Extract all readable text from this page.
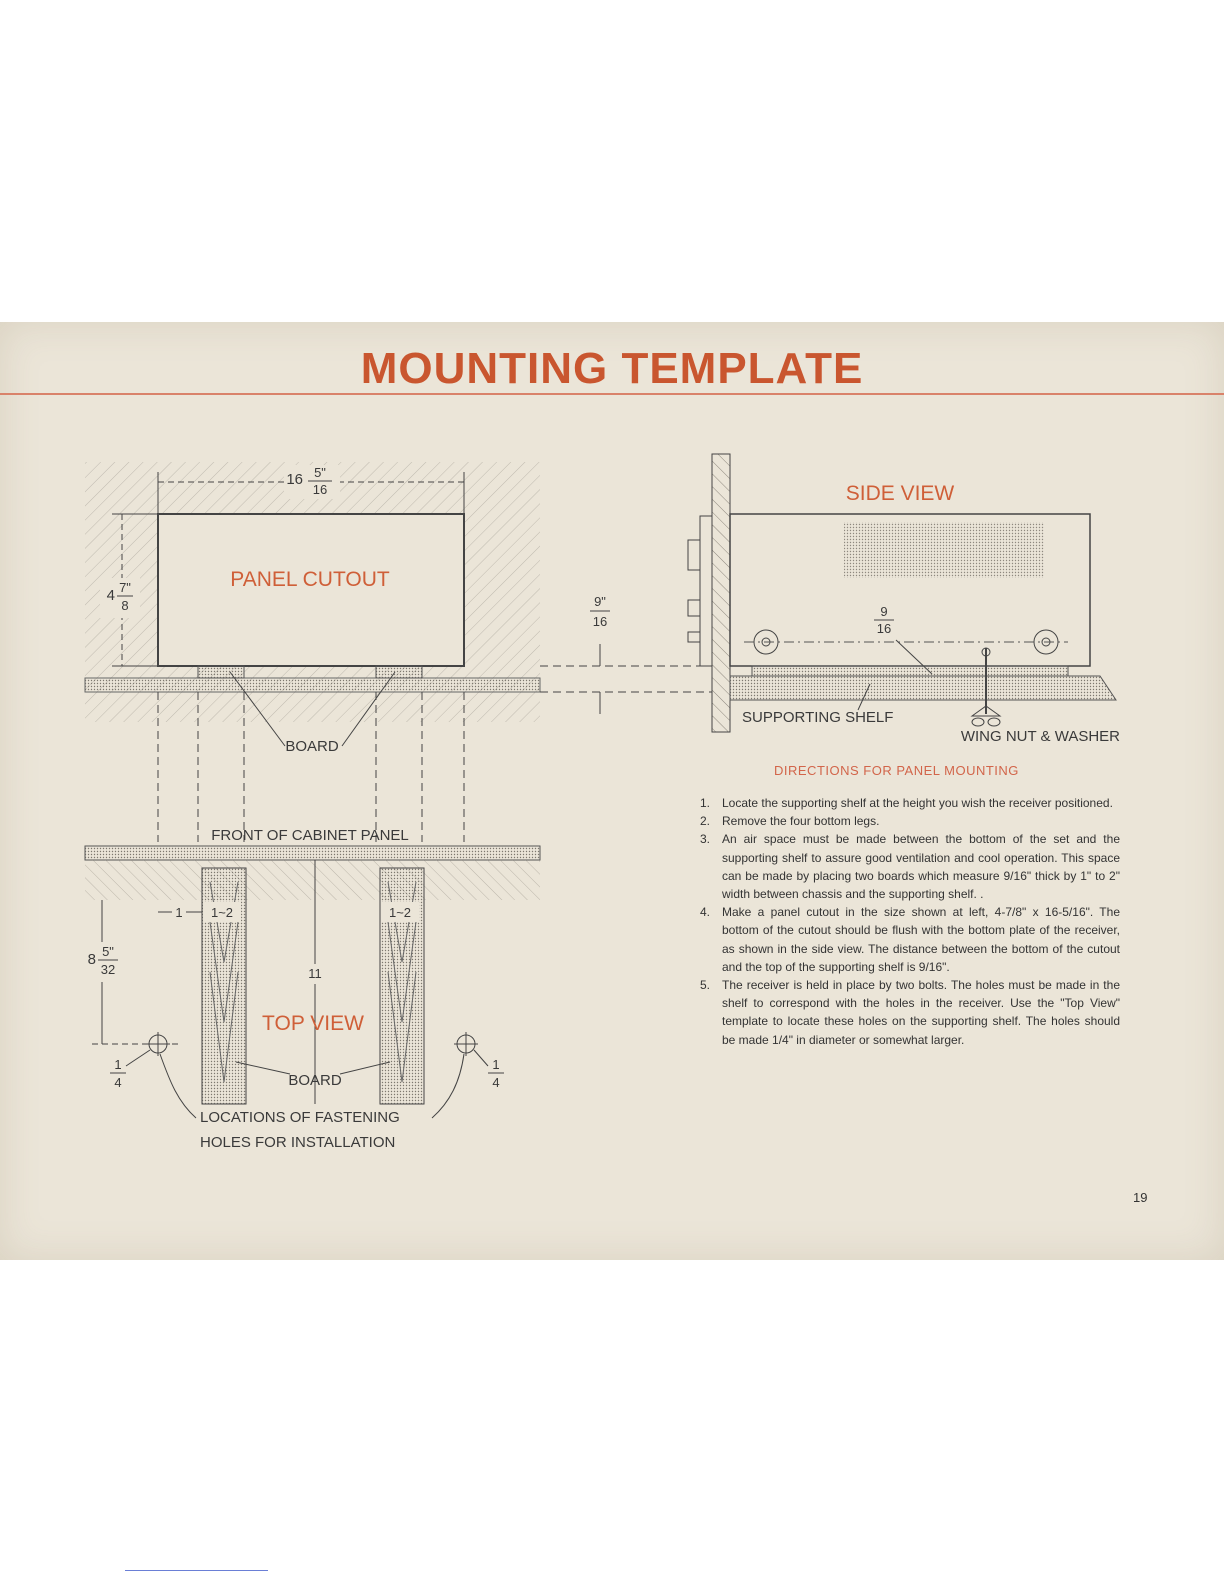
MOUNTING TEMPLATE
PANEL CUTOUT
16 5"
16
4 7"
8
BOARD
9"
16
SIDE VIEW
9
16
SUPPORTING SHELF
WING NUT & WASHER
FRONT OF CABINET PANEL
1 1~2	1~2
11
TOP VIEW
8 5"
32
1
4
1
4
BOARD
LOCATIONS OF FASTENING
HOLES FOR INSTALLATION
DIRECTIONS FOR PANEL MOUNTING
1. Locate the supporting shelf at the height you wish the receiver positioned.
2. Remove the four bottom legs.
3. An air space must be made between the bottom of the set and the supporting shelf to assure good ventilation and cool operation. This space can be made by placing two boards which measure 9/16" thick by 1" to 2" width between chassis and the supporting shelf. .
4. Make a panel cutout in the size shown at left, 4-7/8" x 16-5/16". The bottom of the cutout should be flush with the bottom plate of the receiver, as shown in the side view. The distance between the bottom of the cutout and the top of the supporting shelf is 9/16".
5. The receiver is held in place by two bolts. The holes must be made in the shelf to correspond with the holes in the receiver. Use the "Top View" template to locate these holes on the supporting shelf. The holes should be made 1/4" in diameter or somewhat larger.
19
